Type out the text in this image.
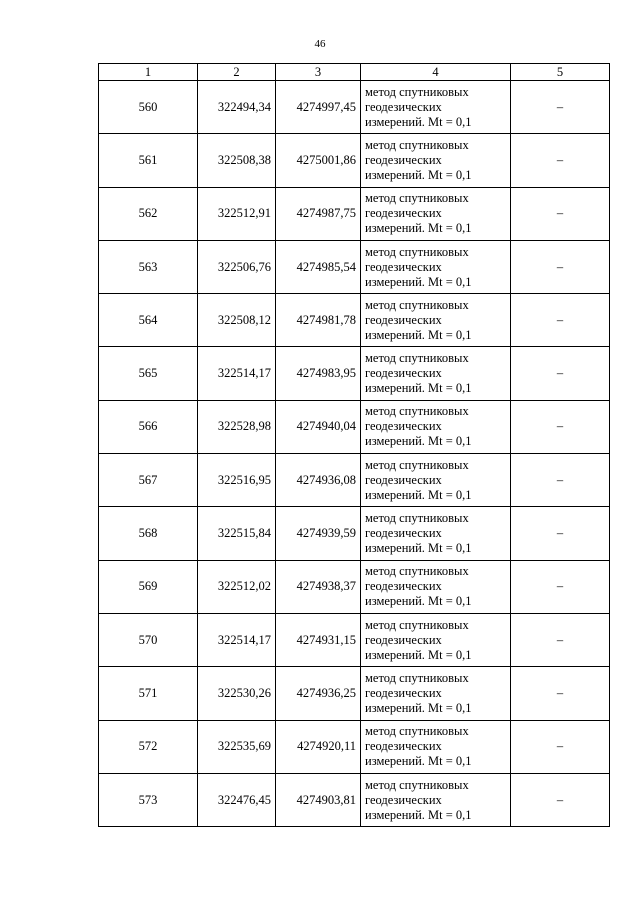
46
1	2	3	4	5
560	322494,34	4274997,45	метод спутниковых
геодезических
измерений. Mt = 0,1	–
561	322508,38	4275001,86	метод спутниковых
геодезических
измерений. Mt = 0,1	–
562	322512,91	4274987,75	метод спутниковых
геодезических
измерений. Mt = 0,1	–
563	322506,76	4274985,54	метод спутниковых
геодезических
измерений. Mt = 0,1	–
564	322508,12	4274981,78	метод спутниковых
геодезических
измерений. Mt = 0,1	–
565	322514,17	4274983,95	метод спутниковых
геодезических
измерений. Mt = 0,1	–
566	322528,98	4274940,04	метод спутниковых
геодезических
измерений. Mt = 0,1	–
567	322516,95	4274936,08	метод спутниковых
геодезических
измерений. Mt = 0,1	–
568	322515,84	4274939,59	метод спутниковых
геодезических
измерений. Mt = 0,1	–
569	322512,02	4274938,37	метод спутниковых
геодезических
измерений. Mt = 0,1	–
570	322514,17	4274931,15	метод спутниковых
геодезических
измерений. Mt = 0,1	–
571	322530,26	4274936,25	метод спутниковых
геодезических
измерений. Mt = 0,1	–
572	322535,69	4274920,11	метод спутниковых
геодезических
измерений. Mt = 0,1	–
573	322476,45	4274903,81	метод спутниковых
геодезических
измерений. Mt = 0,1	–
